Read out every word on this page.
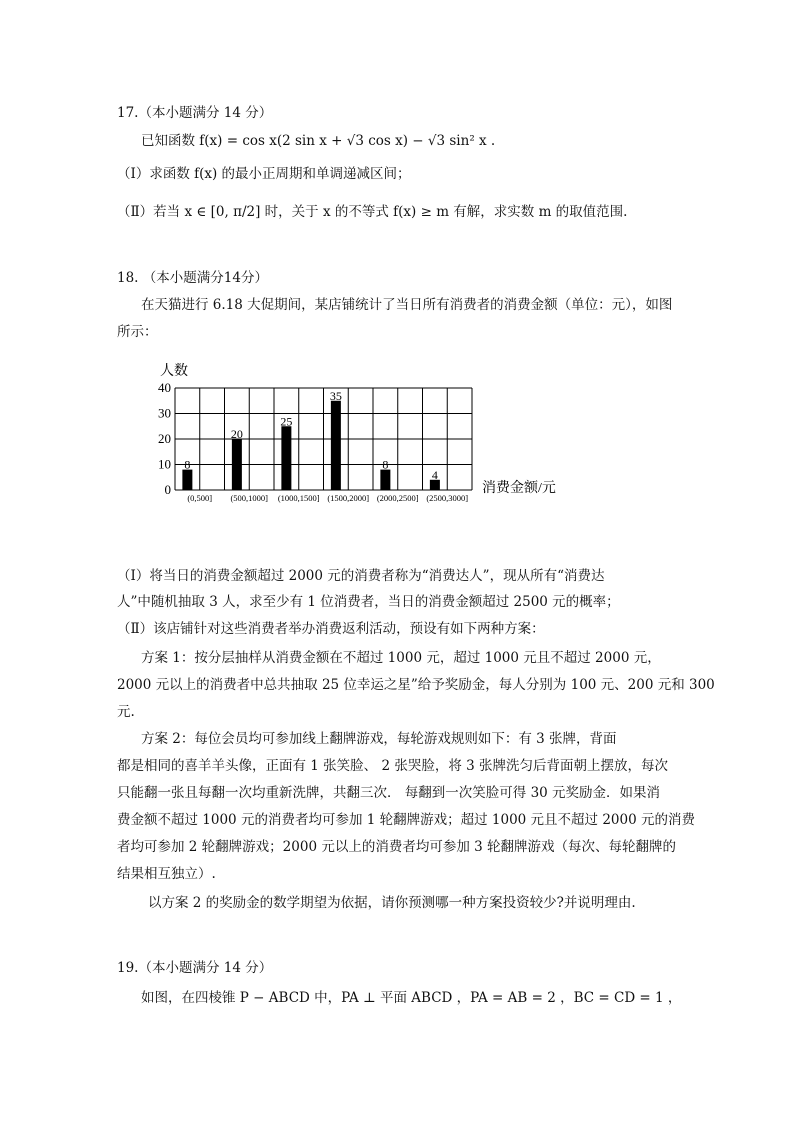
17.（本小题满分 14 分）
已知函数 f(x) = cos x(2 sin x + √3 cos x) − √3 sin² x .
（Ⅰ）求函数 f(x) 的最小正周期和单调递减区间；
（Ⅱ）若当 x ∈ [0, π/2] 时，关于 x 的不等式 f(x) ≥ m 有解，求实数 m 的取值范围.
18. （本小题满分14分）
在天猫进行 6.18 大促期间，某店铺统计了当日所有消费者的消费金额（单位：元），如图
所示：
0
10
20
30
40
人数
8
(0,500]
20
(500,1000]
25
(1000,1500]
35
(1500,2000]
8
(2000,2500]
4
(2500,3000]
消费金额/元
（Ⅰ）将当日的消费金额超过 2000 元的消费者称为“消费达人”，现从所有“消费达
人”中随机抽取 3 人，求至少有 1 位消费者，当日的消费金额超过 2500 元的概率；
（Ⅱ）该店铺针对这些消费者举办消费返利活动，预设有如下两种方案：
方案 1：按分层抽样从消费金额在不超过 1000 元，超过 1000 元且不超过 2000 元，
2000 元以上的消费者中总共抽取 25 位幸运之星”给予奖励金，每人分别为 100 元、200 元和 300
元.
方案 2：每位会员均可参加线上翻牌游戏，每轮游戏规则如下：有 3 张牌，背面
都是相同的喜羊羊头像，正面有 1 张笑脸、 2 张哭脸，将 3 张牌洗匀后背面朝上摆放，每次
只能翻一张且每翻一次均重新洗牌，共翻三次． 每翻到一次笑脸可得 30 元奖励金．如果消
费金额不超过 1000 元的消费者均可参加 1 轮翻牌游戏；超过 1000 元且不超过 2000 元的消费
者均可参加 2 轮翻牌游戏；2000 元以上的消费者均可参加 3 轮翻牌游戏（每次、每轮翻牌的
结果相互独立）.
以方案 2 的奖励金的数学期望为依据，请你预测哪一种方案投资较少?并说明理由.
19.（本小题满分 14 分）
如图，在四棱锥 P − ABCD 中，PA ⊥ 平面 ABCD ，PA = AB = 2 ，BC = CD = 1 ，
